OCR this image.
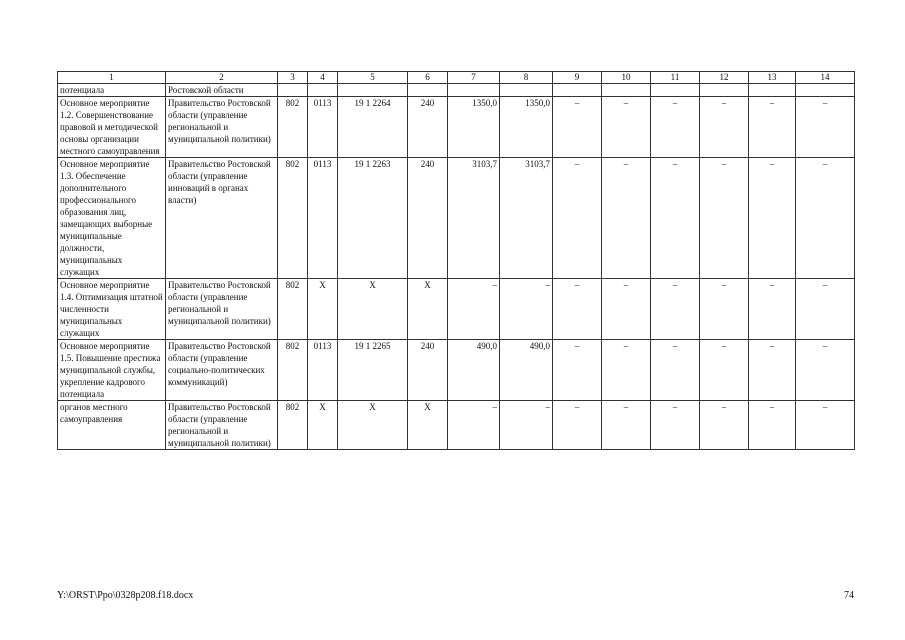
1	2	3	4	5	6	7	8	9	10	11	12	13	14
потенциала	Ростовской области												
Основное мероприятие 1.2. Совершенствование правовой и методической основы организации местного самоуправления	Правительство Ростовской области (управление региональной и муниципальной политики)	802	0113	19 1 2264	240	1350,0	1350,0	–	–	–	–	–	–
Основное мероприятие 1.3. Обеспечение дополнительного профессионального образования лиц, замещающих выборные муниципальные должности, муниципальных служащих	Правительство Ростовской области (управление инноваций в органах власти)	802	0113	19 1 2263	240	3103,7	3103,7	–	–	–	–	–	–
Основное мероприятие 1.4. Оптимизация штатной численности муниципальных служащих	Правительство Ростовской области (управление региональной и муниципальной политики)	802	Х	Х	Х	–	–	–	–	–	–	–	–
Основное мероприятие 1.5. Повышение престижа муниципальной службы, укрепление кадрового потенциала	Правительство Ростовской области (управление социально-политических коммуникаций)	802	0113	19 1 2265	240	490,0	490,0	–	–	–	–	–	–
органов местного самоуправления	Правительство Ростовской области (управление региональной и муниципальной политики)	802	Х	Х	Х	–	–	–	–	–	–	–	–
Y:\ORST\Ppo\0328p208.f18.docx	74
